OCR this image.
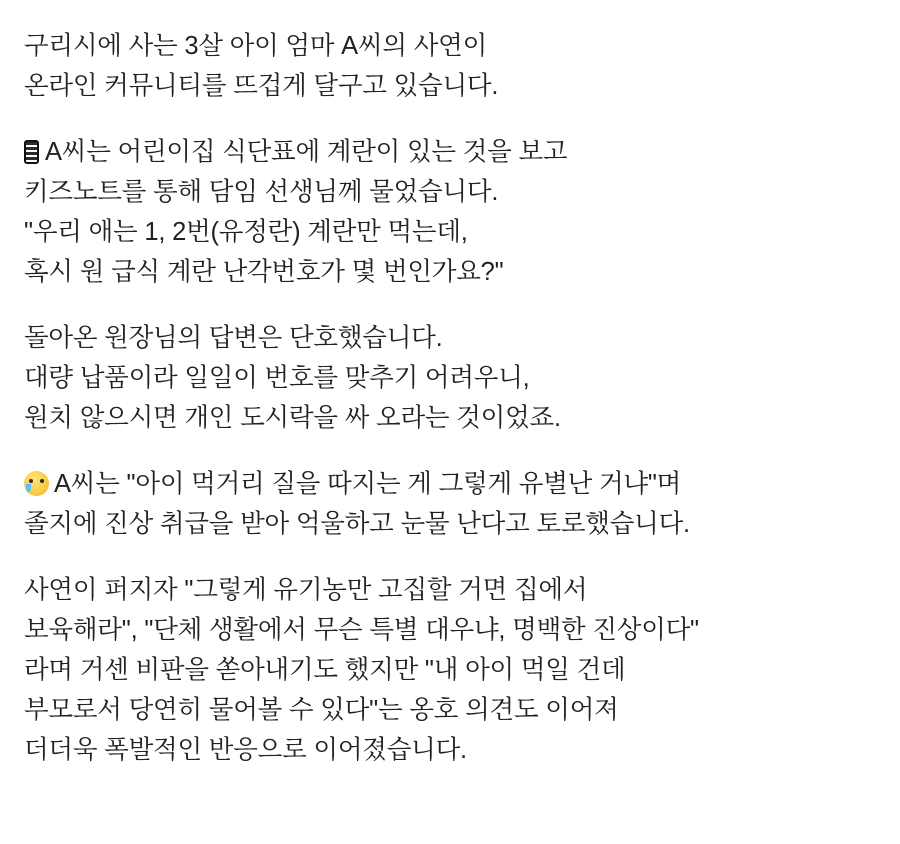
구리시에 사는 3살 아이 엄마 A씨의 사연이
온라인 커뮤니티를 뜨겁게 달구고 있습니다.
A씨는 어린이집 식단표에 계란이 있는 것을 보고
키즈노트를 통해 담임 선생님께 물었습니다.
"우리 애는 1, 2번(유정란) 계란만 먹는데,
혹시 원 급식 계란 난각번호가 몇 번인가요?"
돌아온 원장님의 답변은 단호했습니다.
대량 납품이라 일일이 번호를 맞추기 어려우니,
원치 않으시면 개인 도시락을 싸 오라는 것이었죠.
A씨는 "아이 먹거리 질을 따지는 게 그렇게 유별난 거냐"며
졸지에 진상 취급을 받아 억울하고 눈물 난다고 토로했습니다.
사연이 퍼지자 "그렇게 유기농만 고집할 거면 집에서
보육해라", "단체 생활에서 무슨 특별 대우냐, 명백한 진상이다"
라며 거센 비판을 쏟아내기도 했지만 "내 아이 먹일 건데
부모로서 당연히 물어볼 수 있다"는 옹호 의견도 이어져
더더욱 폭발적인 반응으로 이어졌습니다.
